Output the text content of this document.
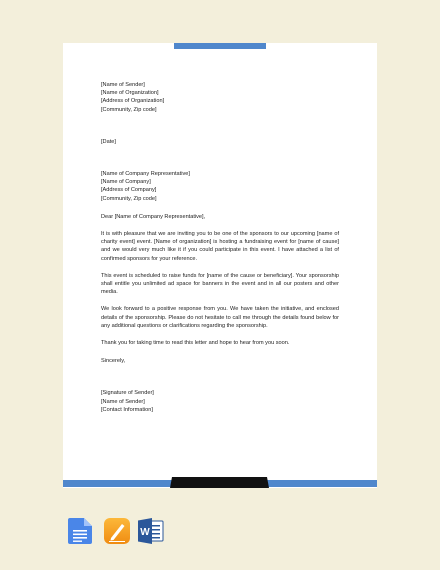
[Name of Sender]
[Name of Organization]
[Address of Organization]
[Community, Zip code]
[Date]
[Name of Company Representative]
[Name of Company]
[Address of Company]
[Community, Zip code]
Dear [Name of Company Representative],

It is with pleasure that we are inviting you to be one of the sponsors to our upcoming [name of charity event] event. [Name of organization] is hosting a fundraising event for [name of cause] and we would very much like it if you could participate in this event. I have attached a list of confirmed sponsors for your reference.

This event is scheduled to raise funds for [name of the cause or beneficiary]. Your sponsorship shall entitle you unlimited ad space for banners in the event and in all our posters and other media.

We look forward to a positive response from you. We have taken the initiative, and enclosed details of the sponsorship. Please do not hesitate to call me through the details found below for any additional questions or clarifications regarding the sponsorship.

Thank you for taking time to read this letter and hope to hear from you soon.

Sincerely,
[Signature of Sender]
[Name of Sender]
[Contact Information]
W
